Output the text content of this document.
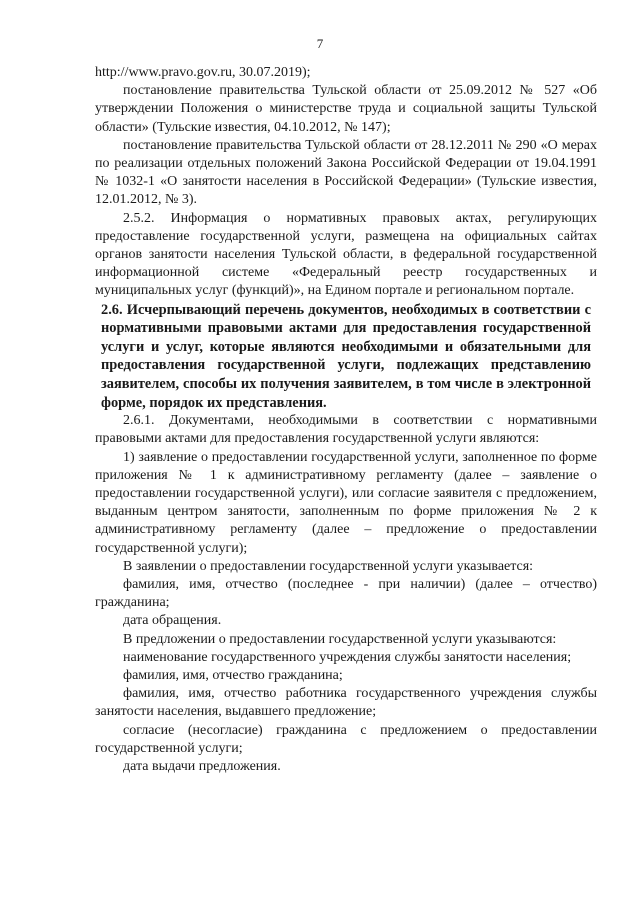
7

http://www.pravo.gov.ru, 30.07.2019);

постановление правительства Тульской области от 25.09.2012 № 527 «Об утверждении Положения о министерстве труда и социальной защиты Тульской области» (Тульские известия, 04.10.2012, № 147);

постановление правительства Тульской области от 28.12.2011 № 290 «О мерах по реализации отдельных положений Закона Российской Федерации от 19.04.1991 № 1032-1 «О занятости населения в Российской Федерации» (Тульские известия, 12.01.2012, № 3).

2.5.2. Информация о нормативных правовых актах, регулирующих предоставление государственной услуги, размещена на официальных сайтах органов занятости населения Тульской области, в федеральной государственной информационной системе «Федеральный реестр государственных и муниципальных услуг (функций)», на Едином портале и региональном портале.

2.6. Исчерпывающий перечень документов, необходимых в соответствии с нормативными правовыми актами для предоставления государственной услуги и услуг, которые являются необходимыми и обязательными для предоставления государственной услуги, подлежащих представлению заявителем, способы их получения заявителем, в том числе в электронной форме, порядок их представления.

2.6.1. Документами, необходимыми в соответствии с нормативными правовыми актами для предоставления государственной услуги являются:

1) заявление о предоставлении государственной услуги, заполненное по форме приложения № 1 к административному регламенту (далее – заявление о предоставлении государственной услуги), или согласие заявителя с предложением, выданным центром занятости, заполненным по форме приложения № 2 к административному регламенту (далее – предложение о предоставлении государственной услуги);

В заявлении о предоставлении государственной услуги указывается:

фамилия, имя, отчество (последнее - при наличии) (далее – отчество) гражданина;

дата обращения.

В предложении о предоставлении государственной услуги указываются:

наименование государственного учреждения службы занятости населения;

фамилия, имя, отчество гражданина;

фамилия, имя, отчество работника государственного учреждения службы занятости населения, выдавшего предложение;

согласие (несогласие) гражданина с предложением о предоставлении государственной услуги;

дата выдачи предложения.
